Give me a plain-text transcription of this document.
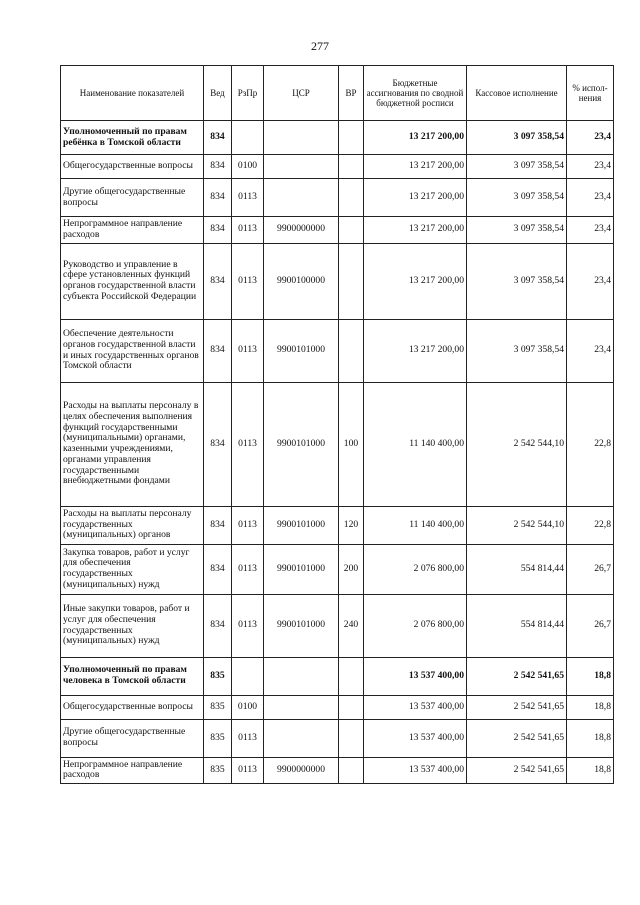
277
Наименование показателей	Вед	РзПр	ЦСР	ВР	Бюджетные ассигнования по сводной бюджетной росписи	Кассовое исполнение	% испол-нения
Уполномоченный по правам ребёнка в Томской области	834				13 217 200,00	3 097 358,54	23,4
Общегосударственные вопросы	834	0100			13 217 200,00	3 097 358,54	23,4
Другие общегосударственные вопросы	834	0113			13 217 200,00	3 097 358,54	23,4
Непрограммное направление расходов	834	0113	9900000000		13 217 200,00	3 097 358,54	23,4
Руководство и управление в сфере установленных функций органов государственной власти субъекта Российской Федерации	834	0113	9900100000		13 217 200,00	3 097 358,54	23,4
Обеспечение деятельности органов государственной власти и иных государственных органов Томской области	834	0113	9900101000		13 217 200,00	3 097 358,54	23,4
Расходы на выплаты персоналу в целях обеспечения выполнения функций государственными (муниципальными) органами, казенными учреждениями, органами управления государственными внебюджетными фондами	834	0113	9900101000	100	11 140 400,00	2 542 544,10	22,8
Расходы на выплаты персоналу государственных (муниципальных) органов	834	0113	9900101000	120	11 140 400,00	2 542 544,10	22,8
Закупка товаров, работ и услуг для обеспечения государственных (муниципальных) нужд	834	0113	9900101000	200	2 076 800,00	554 814,44	26,7
Иные закупки товаров, работ и услуг для обеспечения государственных (муниципальных) нужд	834	0113	9900101000	240	2 076 800,00	554 814,44	26,7
Уполномоченный по правам человека в Томской области	835				13 537 400,00	2 542 541,65	18,8
Общегосударственные вопросы	835	0100			13 537 400,00	2 542 541,65	18,8
Другие общегосударственные вопросы	835	0113			13 537 400,00	2 542 541,65	18,8
Непрограммное направление расходов	835	0113	9900000000		13 537 400,00	2 542 541,65	18,8
